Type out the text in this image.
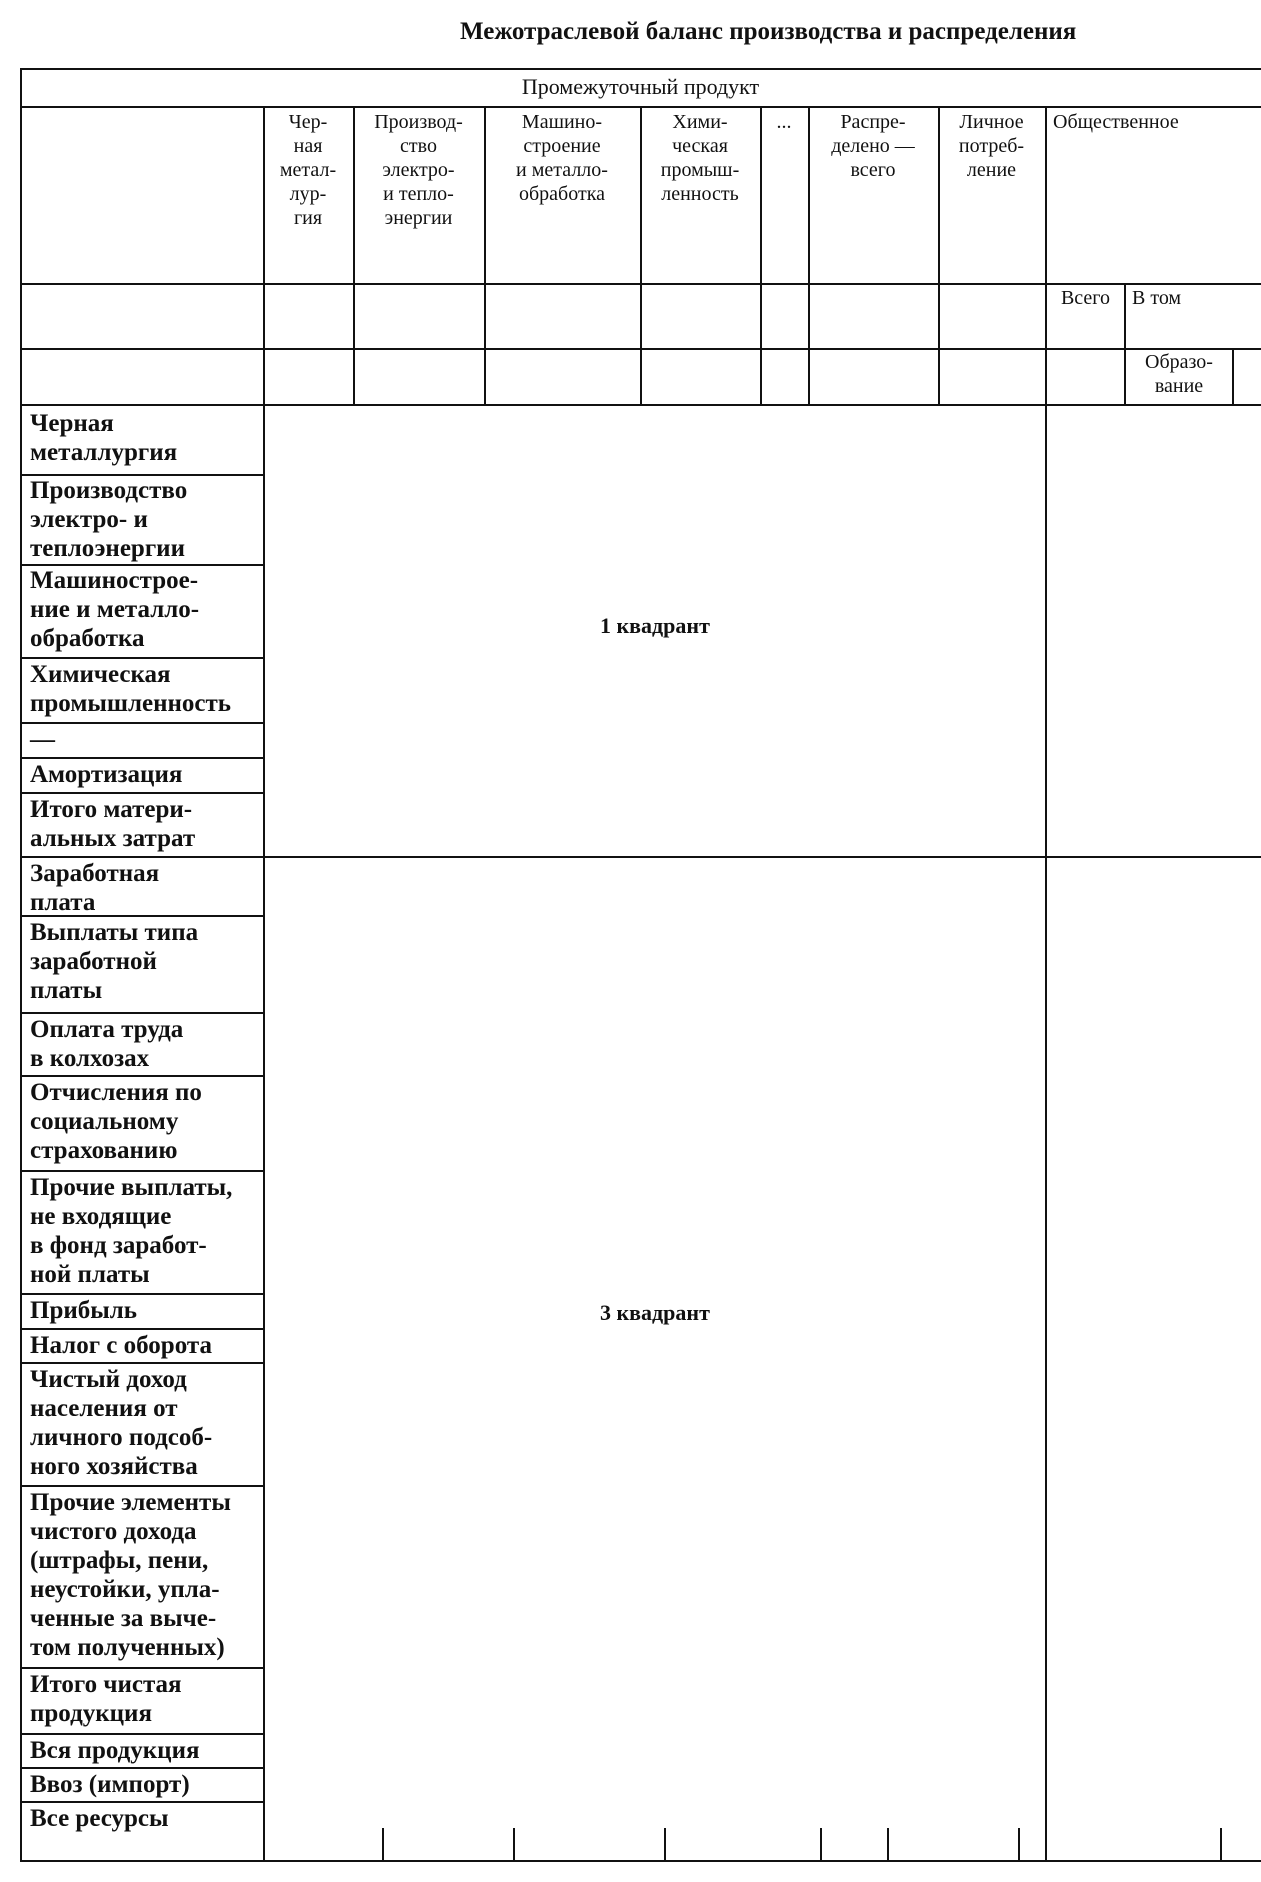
Межотраслевой баланс производства и распределения
Промежуточный продукт
Чер-
ная
метал-
лур-
гия
Производ-
ство
электро-
и тепло-
энергии
Машино-
строение
и металло-
обработка
Хими-
ческая
промыш-
ленность
...	Распре-
делено —
всего
Личное
потреб-
ление
Общественное
Всего	В том
Образо-
вание
Черная
металлургия
Производство
электро- и
теплоэнергии
Машинострое-
ние и металло-
обработка
Химическая
промышленность
—
Амортизация
Итого матери-
альных затрат
Заработная
плата
Выплаты типа
заработной
платы
Оплата труда
в колхозах
Отчисления по
социальному
страхованию
Прочие выплаты,
не входящие
в фонд заработ-
ной платы
Прибыль
Налог с оборота
Чистый доход
населения от
личного подсоб-
ного хозяйства
Прочие элементы
чистого дохода
(штрафы, пени,
неустойки, упла-
ченные за выче-
том полученных)
Итого чистая
продукция
Вся продукция
Ввоз (импорт)
Все ресурсы
1 квадрант
3 квадрант
